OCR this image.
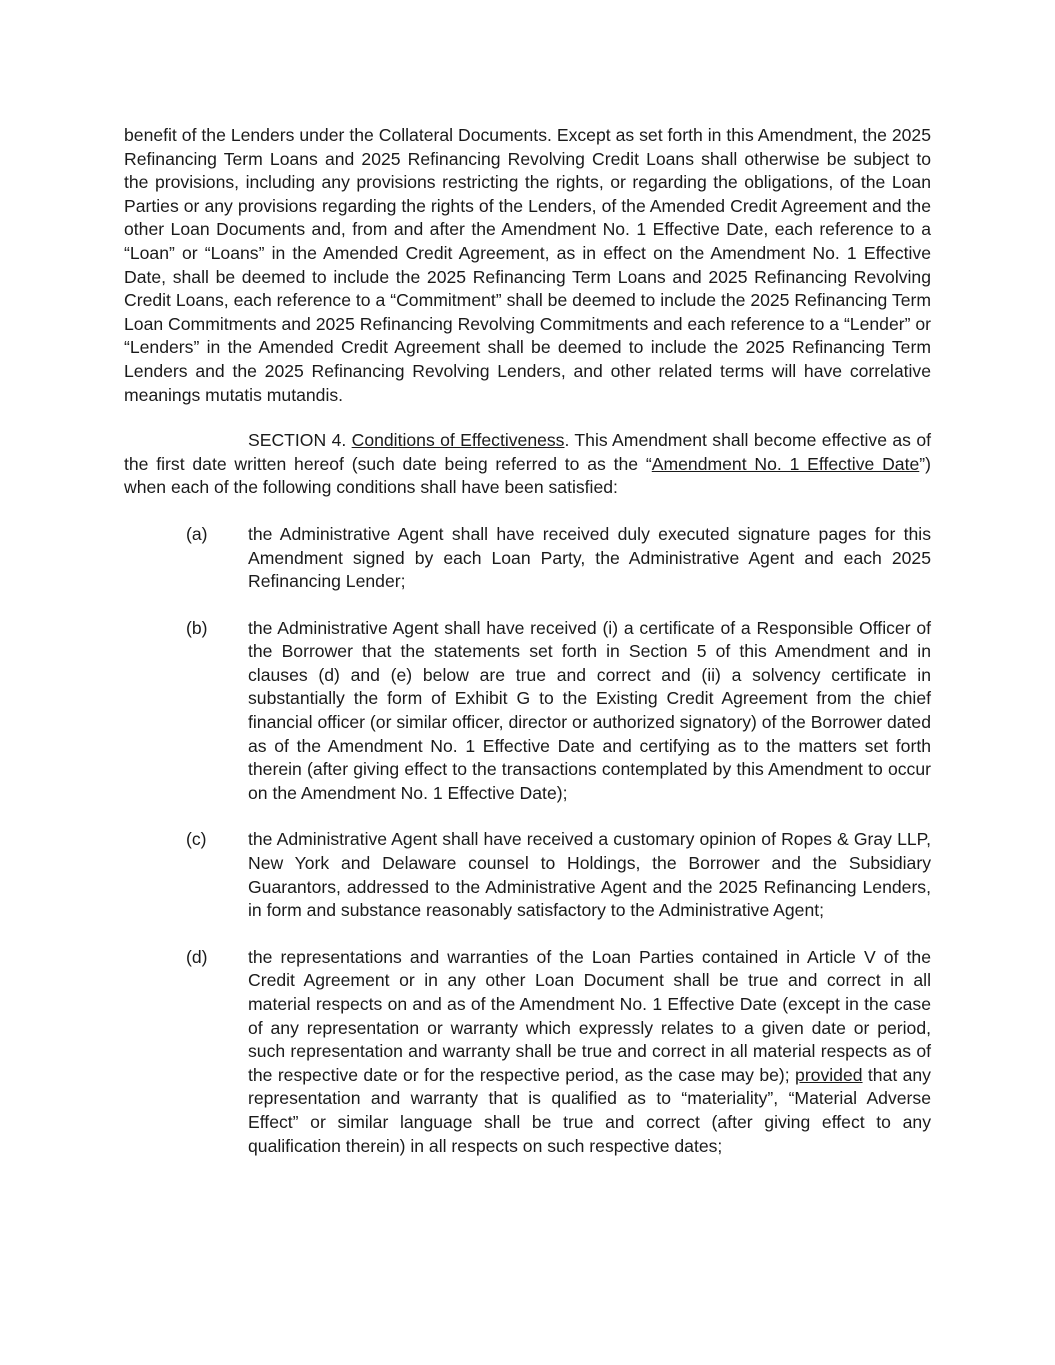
benefit of the Lenders under the Collateral Documents. Except as set forth in this Amendment, the 2025 Refinancing Term Loans and 2025 Refinancing Revolving Credit Loans shall otherwise be subject to the provisions, including any provisions restricting the rights, or regarding the obligations, of the Loan Parties or any provisions regarding the rights of the Lenders, of the Amended Credit Agreement and the other Loan Documents and, from and after the Amendment No. 1 Effective Date, each reference to a “Loan” or “Loans” in the Amended Credit Agreement, as in effect on the Amendment No. 1 Effective Date, shall be deemed to include the 2025 Refinancing Term Loans and 2025 Refinancing Revolving Credit Loans, each reference to a “Commitment” shall be deemed to include the 2025 Refinancing Term Loan Commitments and 2025 Refinancing Revolving Commitments and each reference to a “Lender” or “Lenders” in the Amended Credit Agreement shall be deemed to include the 2025 Refinancing Term Lenders and the 2025 Refinancing Revolving Lenders, and other related terms will have correlative meanings mutatis mutandis.

SECTION 4. Conditions of Effectiveness. This Amendment shall become effective as of the first date written hereof (such date being referred to as the “Amendment No. 1 Effective Date”) when each of the following conditions shall have been satisfied:

(a) the Administrative Agent shall have received duly executed signature pages for this Amendment signed by each Loan Party, the Administrative Agent and each 2025 Refinancing Lender;

(b) the Administrative Agent shall have received (i) a certificate of a Responsible Officer of the Borrower that the statements set forth in Section 5 of this Amendment and in clauses (d) and (e) below are true and correct and (ii) a solvency certificate in substantially the form of Exhibit G to the Existing Credit Agreement from the chief financial officer (or similar officer, director or authorized signatory) of the Borrower dated as of the Amendment No. 1 Effective Date and certifying as to the matters set forth therein (after giving effect to the transactions contemplated by this Amendment to occur on the Amendment No. 1 Effective Date);

(c) the Administrative Agent shall have received a customary opinion of Ropes & Gray LLP, New York and Delaware counsel to Holdings, the Borrower and the Subsidiary Guarantors, addressed to the Administrative Agent and the 2025 Refinancing Lenders, in form and substance reasonably satisfactory to the Administrative Agent;

(d) the representations and warranties of the Loan Parties contained in Article V of the Credit Agreement or in any other Loan Document shall be true and correct in all material respects on and as of the Amendment No. 1 Effective Date (except in the case of any representation or warranty which expressly relates to a given date or period, such representation and warranty shall be true and correct in all material respects as of the respective date or for the respective period, as the case may be); provided that any representation and warranty that is qualified as to “materiality”, “Material Adverse Effect” or similar language shall be true and correct (after giving effect to any qualification therein) in all respects on such respective dates;
